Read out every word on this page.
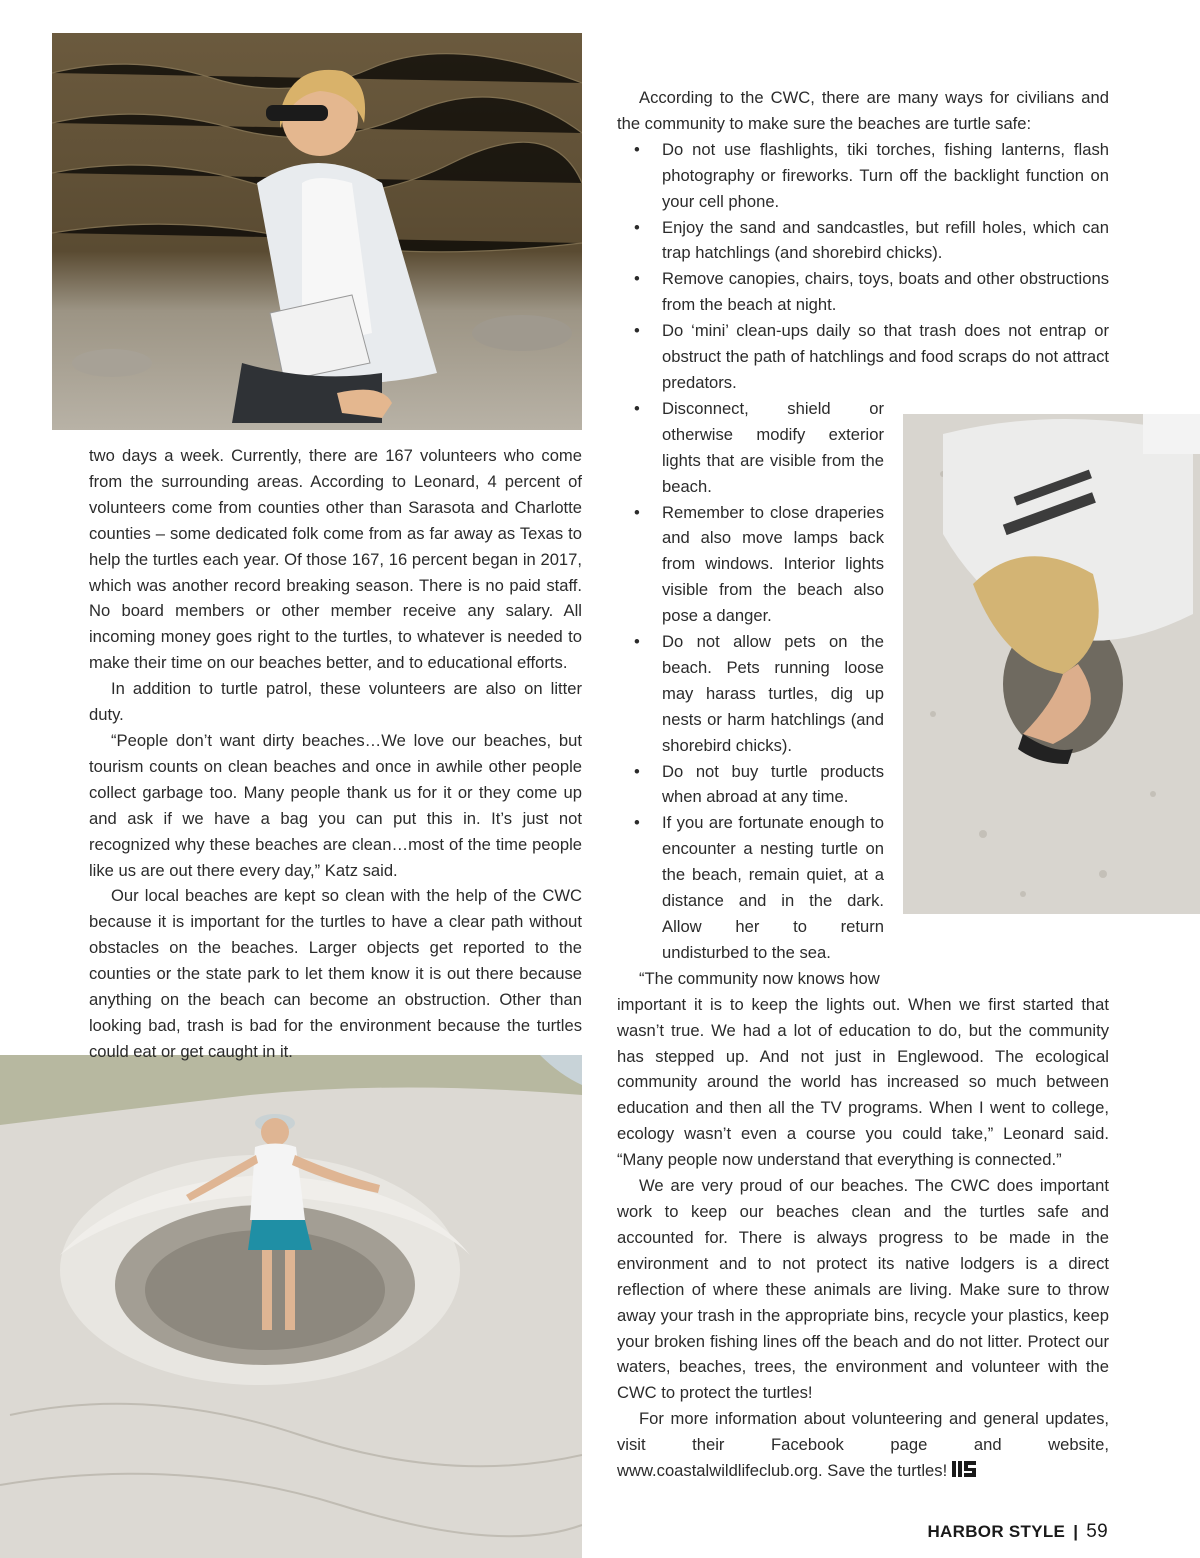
two days a week. Currently, there are 167 volunteers who come from the surrounding areas. According to Leonard, 4 percent of volunteers come from counties other than Sarasota and Charlotte counties – some dedicated folk come from as far away as Texas to help the turtles each year. Of those 167, 16 percent began in 2017, which was another record breaking season. There is no paid staff. No board members or other member receive any salary. All incoming money goes right to the turtles, to whatever is needed to make their time on our beaches better, and to educational efforts.

In addition to turtle patrol, these volunteers are also on litter duty.

“People don’t want dirty beaches…We love our beaches, but tourism counts on clean beaches and once in awhile other people collect garbage too. Many people thank us for it or they come up and ask if we have a bag you can put this in. It’s just not recognized why these beaches are clean…most of the time people like us are out there every day,” Katz said.

Our local beaches are kept so clean with the help of the CWC because it is important for the turtles to have a clear path without obstacles on the beaches. Larger objects get reported to the counties or the state park to let them know it is out there because anything on the beach can become an obstruction. Other than looking bad, trash is bad for the environment because the turtles could eat or get caught in it.

According to the CWC, there are many ways for civilians and the community to make sure the beaches are turtle safe:

• Do not use flashlights, tiki torches, fishing lanterns, flash photography or fireworks. Turn off the backlight function on your cell phone.
• Enjoy the sand and sandcastles, but refill holes, which can trap hatchlings (and shorebird chicks).
• Remove canopies, chairs, toys, boats and other obstructions from the beach at night.
• Do ‘mini’ clean-ups daily so that trash does not entrap or obstruct the path of hatchlings and food scraps do not attract predators.
• Disconnect, shield or otherwise modify exterior lights that are visible from the beach.
• Remember to close draperies and also move lamps back from windows. Interior lights visible from the beach also pose a danger.
• Do not allow pets on the beach. Pets running loose may harass turtles, dig up nests or harm hatchlings (and shorebird chicks).
• Do not buy turtle products when abroad at any time.
• If you are fortunate enough to encounter a nesting turtle on the beach, remain quiet, at a distance and in the dark. Allow her to return undisturbed to the sea.

“The community now knows how

important it is to keep the lights out. When we first started that wasn’t true. We had a lot of education to do, but the community has stepped up. And not just in Englewood. The ecological community around the world has increased so much between education and then all the TV programs. When I went to college, ecology wasn’t even a course you could take,” Leonard said. “Many people now understand that everything is connected.”

We are very proud of our beaches. The CWC does important work to keep our beaches clean and the turtles safe and accounted for. There is always progress to be made in the environment and to not protect its native lodgers is a direct reflection of where these animals are living. Make sure to throw away your trash in the appropriate bins, recycle your plastics, keep your broken fishing lines off the beach and do not litter. Protect our waters, beaches, trees, the environment and volunteer with the CWC to protect the turtles!

For more information about volunteering and general updates, visit their Facebook page and website, www.coastalwildlifeclub.org. Save the turtles!

HARBOR STYLE | 59
